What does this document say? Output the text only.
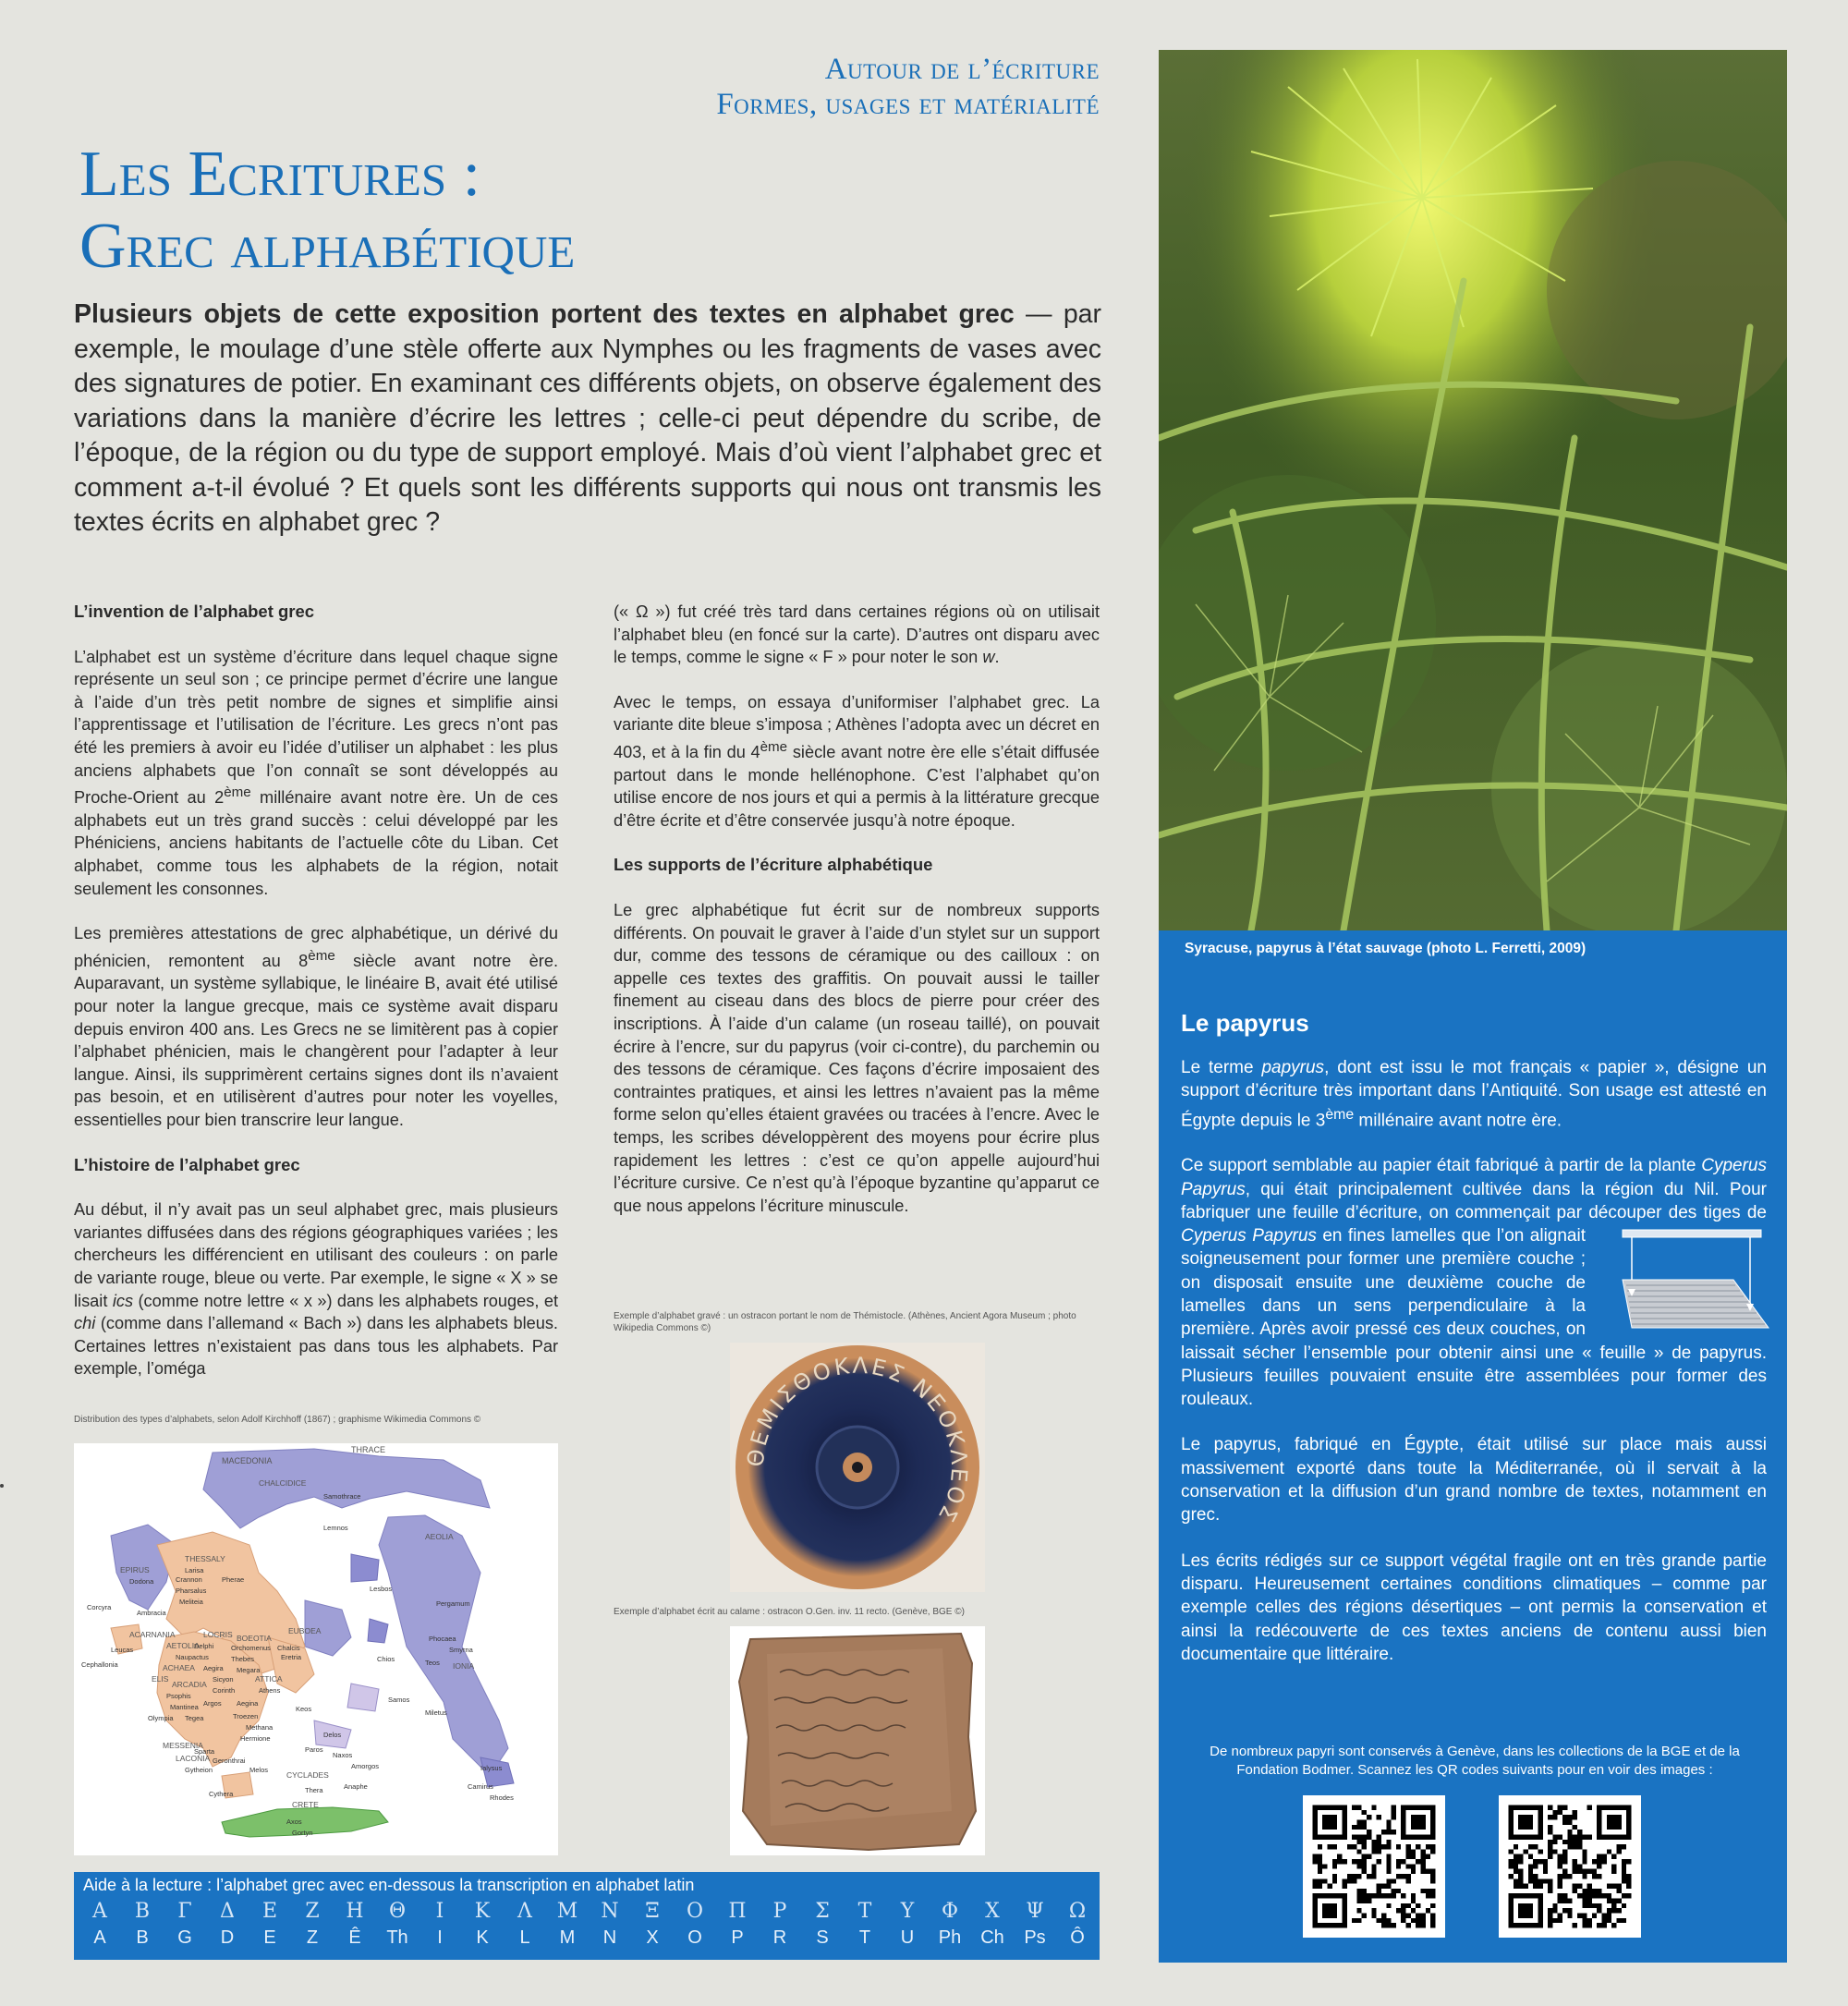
Autour de l’écriture
Formes, usages et matérialité
Les Ecritures :
Grec alphabétique
Plusieurs objets de cette exposition portent des textes en alphabet grec — par exemple, le moulage d’une stèle offerte aux Nymphes ou les fragments de vases avec des signatures de potier. En examinant ces différents objets, on observe également des variations dans la manière d’écrire les lettres ; celle-ci peut dépendre du scribe, de l’époque, de la région ou du type de support employé. Mais d’où vient l’alphabet grec et comment a-t-il évolué ? Et quels sont les différents supports qui nous ont transmis les textes écrits en alphabet grec ?
L’invention de l’alphabet grec

L’alphabet est un système d’écriture dans lequel chaque signe représente un seul son ; ce principe permet d’écrire une langue à l’aide d’un très petit nombre de signes et simplifie ainsi l’apprentissage et l’utilisation de l’écriture. Les grecs n’ont pas été les premiers à avoir eu l’idée d’utiliser un alphabet : les plus anciens alphabets que l’on connaît se sont développés au Proche-Orient au 2ème millénaire avant notre ère. Un de ces alphabets eut un très grand succès : celui développé par les Phéniciens, anciens habitants de l’actuelle côte du Liban. Cet alphabet, comme tous les alphabets de la région, notait seulement les consonnes.

Les premières attestations de grec alphabétique, un dérivé du phénicien, remontent au 8ème siècle avant notre ère. Auparavant, un système syllabique, le linéaire B, avait été utilisé pour noter la langue grecque, mais ce système avait disparu depuis environ 400 ans. Les Grecs ne se limitèrent pas à copier l’alphabet phénicien, mais le changèrent pour l’adapter à leur langue. Ainsi, ils supprimèrent certains signes dont ils n’avaient pas besoin, et en utilisèrent d’autres pour noter les voyelles, essentielles pour bien transcrire leur langue.

L’histoire de l’alphabet grec

Au début, il n’y avait pas un seul alphabet grec, mais plusieurs variantes diffusées dans des régions géographiques variées ; les chercheurs les différencient en utilisant des couleurs : on parle de variante rouge, bleue ou verte. Par exemple, le signe « X » se lisait ics (comme notre lettre « x ») dans les alphabets rouges, et chi (comme dans l’allemand « Bach ») dans les alphabets bleus. Certaines lettres n’existaient pas dans tous les alphabets. Par exemple, l’oméga

(« Ω ») fut créé très tard dans certaines régions où on utilisait l’alphabet bleu (en foncé sur la carte). D’autres ont disparu avec le temps, comme le signe « F » pour noter le son w.

Avec le temps, on essaya d’uniformiser l’alphabet grec. La variante dite bleue s’imposa ; Athènes l’adopta avec un décret en 403, et à la fin du 4ème siècle avant notre ère elle s’était diffusée partout dans le monde hellénophone. C’est l’alphabet qu’on utilise encore de nos jours et qui a permis à la littérature grecque d’être écrite et d’être conservée jusqu’à notre époque.

Les supports de l’écriture alphabétique

Le grec alphabétique fut écrit sur de nombreux supports différents. On pouvait le graver à l’aide d’un stylet sur un support dur, comme des tessons de céramique ou des cailloux : on appelle ces textes des graffitis. On pouvait aussi le tailler finement au ciseau dans des blocs de pierre pour créer des inscriptions. À l’aide d’un calame (un roseau taillé), on pouvait écrire à l’encre, sur du papyrus (voir ci-contre), du parchemin ou des tessons de céramique. Ces façons d’écrire imposaient des contraintes pratiques, et ainsi les lettres n’avaient pas la même forme selon qu’elles étaient gravées ou tracées à l’encre. Avec le temps, les scribes développèrent des moyens pour écrire plus rapidement les lettres : c’est ce qu’on appelle aujourd’hui l’écriture cursive. Ce n’est qu’à l’époque byzantine qu’apparut ce que nous appelons l’écriture minuscule.

Distribution des types d’alphabets, selon Adolf Kirchhoff (1867) ; graphisme Wikimedia Commons ©
Exemple d’alphabet gravé : un ostracon portant le nom de Thémistocle. (Athènes, Ancient Agora Museum ; photo
Wikipedia Commons ©)
Exemple d’alphabet écrit au calame : ostracon O.Gen. inv. 11 recto. (Genève, BGE ©)
MACEDONIA
THRACE
CHALCIDICE
Samothrace
Lemnos
AEOLIA
EPIRUS
Dodona
Corcyra
Ambracia
THESSALY
Larisa
Crannon	Pherae
Pharsalus
Meliteia
Lesbos
Pergamum
ACARNANIA
AETOLIA
LOCRIS BOEOTIA
EUBOEA
Leucas	Delphi Orchomenus Chalcis
Eretria
Naupactus	Thebes
Phocaea
Smyrna
Cephallonia	ACHAEA Aegira Megara
ATTICA
Chios	Teos IONIA
ELIS
ARCADIA
Sicyon
Corinth	Athens
Psophis
Mantinea Argos Aegina	Samos
Olympia Tegea	Troezen
Methana
Keos	Miletus
Hermione
MESSENIA
Sparta
Delos
LACONIA Geronthrai
Paros
Naxos
Gytheion	Amorgos
CYCLADES
Melos
Thera	Anaphe
Ialysus
Cythera
Camirus
Rhodes
CRETE
Axos
Gortyn
ΘΕΜΙΣΘΟΚΛΕΣ ΝΕΟΚΛΕΟΣ
Aide à la lecture : l’alphabet grec avec en-dessous la transcription en alphabet latin
Α	Β	Γ	Δ	Ε	Ζ	Η	Θ	Ι	Κ	Λ	Μ Ν	Ξ	Ο	Π	Ρ	Σ	Τ	Υ	Φ	Χ	Ψ	Ω
A	B	G	D	E	Z	Ê	Th	I	K	L	M	N	X	O	P	R	S	T	U	Ph Ch Ps	Ô
Syracuse, papyrus à l’état sauvage (photo L. Ferretti, 2009)
Le papyrus

Le terme papyrus, dont est issu le mot français « papier », désigne un support d’écriture très important dans l’Antiquité. Son usage est attesté en Égypte depuis le 3ème millénaire avant notre ère.

Ce support semblable au papier était fabriqué à partir de la plante Cyperus Papyrus, qui était principalement cultivée dans la région du Nil. Pour fabriquer une feuille d’écriture, on commençait par découper des tiges de Cyperus Papyrus
en fines lamelles que l’on alignait soigneusement pour former une première couche ; on disposait ensuite une deuxième couche de lamelles dans un sens perpendiculaire à la première. Après avoir pressé ces deux couches, on laissait sécher l’ensemble pour obtenir ainsi une « feuille » de papyrus. Plusieurs feuilles pouvaient ensuite être assemblées pour former des rouleaux.

Le papyrus, fabriqué en Égypte, était utilisé sur place mais aussi massivement exporté dans toute la Méditerranée, où il servait à la conservation et la diffusion d’un grand nombre de textes, notamment en grec.

Les écrits rédigés sur ce support végétal fragile ont en très grande partie disparu. Heureusement certaines conditions climatiques – comme par exemple celles des régions désertiques – ont permis la conservation et ainsi la redécouverte de ces textes anciens de contenu aussi bien documentaire que littéraire.

De nombreux papyri sont conservés à Genève, dans les collections de la BGE et de la Fondation Bodmer. Scannez les QR codes suivants pour en voir des images :
